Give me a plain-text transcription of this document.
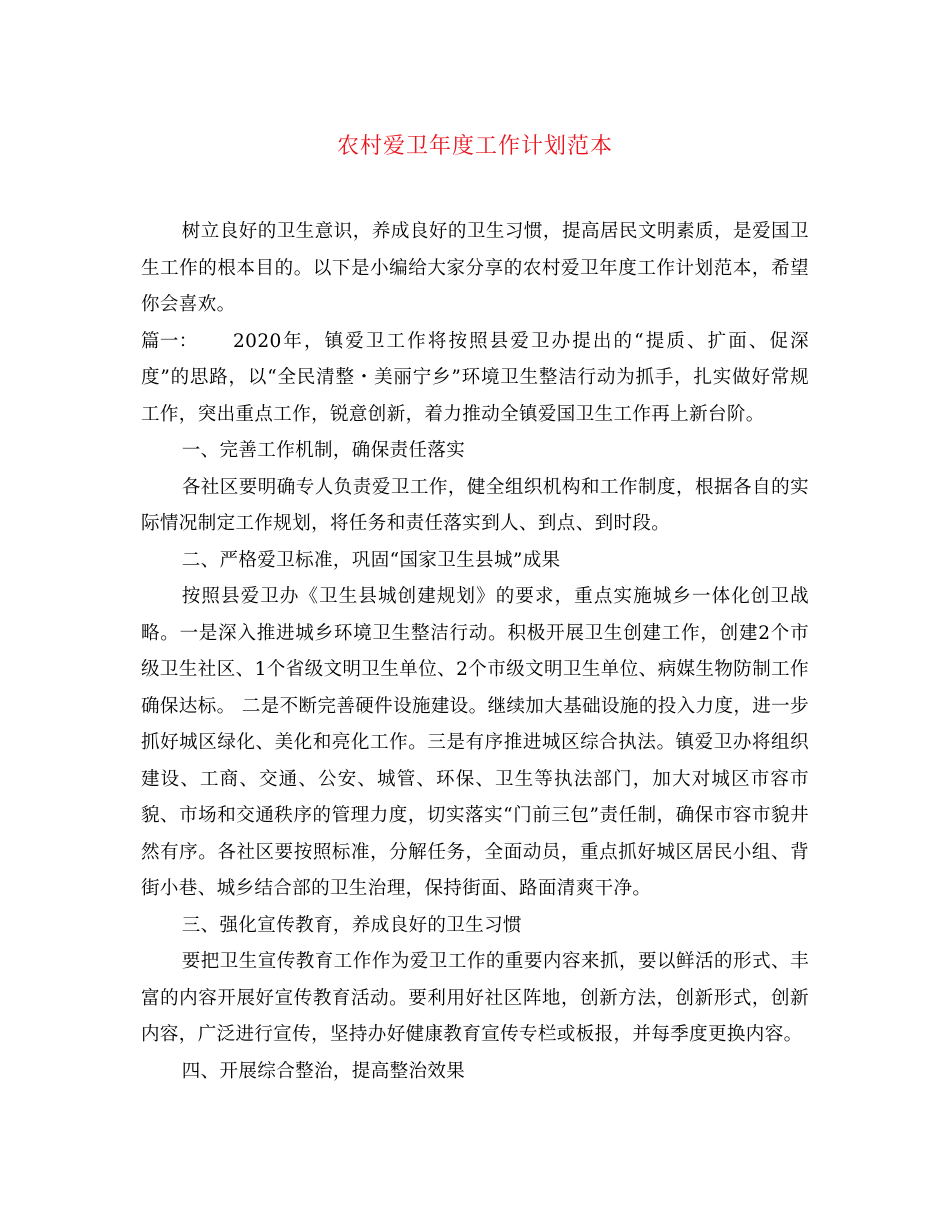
农村爱卫年度工作计划范本

树立良好的卫生意识，养成良好的卫生习惯，提高居民文明素质，是爱国卫生工作的根本目的。以下是小编给大家分享的农村爱卫年度工作计划范本，希望你会喜欢。

篇一： 2020年，镇爱卫工作将按照县爱卫办提出的“提质、扩面、促深度”的思路，以“全民清整・美丽宁乡”环境卫生整洁行动为抓手，扎实做好常规工作，突出重点工作，锐意创新，着力推动全镇爱国卫生工作再上新台阶。

一、完善工作机制，确保责任落实

各社区要明确专人负责爱卫工作，健全组织机构和工作制度，根据各自的实际情况制定工作规划，将任务和责任落实到人、到点、到时段。

二、严格爱卫标准，巩固“国家卫生县城”成果

按照县爱卫办《卫生县城创建规划》的要求，重点实施城乡一体化创卫战略。一是深入推进城乡环境卫生整洁行动。积极开展卫生创建工作，创建2个市级卫生社区、1个省级文明卫生单位、2个市级文明卫生单位、病媒生物防制工作确保达标。 二是不断完善硬件设施建设。继续加大基础设施的投入力度，进一步抓好城区绿化、美化和亮化工作。三是有序推进城区综合执法。镇爱卫办将组织建设、工商、交通、公安、城管、环保、卫生等执法部门，加大对城区市容市貌、市场和交通秩序的管理力度，切实落实“门前三包”责任制，确保市容市貌井然有序。各社区要按照标准，分解任务，全面动员，重点抓好城区居民小组、背街小巷、城乡结合部的卫生治理，保持街面、路面清爽干净。

三、强化宣传教育，养成良好的卫生习惯

要把卫生宣传教育工作作为爱卫工作的重要内容来抓，要以鲜活的形式、丰富的内容开展好宣传教育活动。要利用好社区阵地，创新方法，创新形式，创新内容，广泛进行宣传，坚持办好健康教育宣传专栏或板报，并每季度更换内容。

四、开展综合整治，提高整治效果
